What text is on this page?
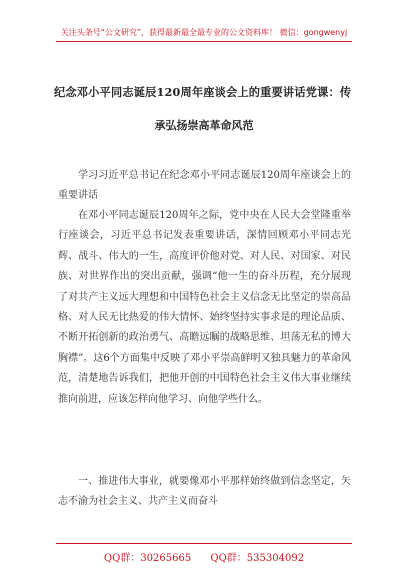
关注头条号“公文研究”，获得最新最全最专业的公文资料库！ 微信：gongwenyj
纪念邓小平同志诞辰120周年座谈会上的重要讲话党课：传
承弘扬崇高革命风范

学习习近平总书记在纪念邓小平同志诞辰120周年座谈会上的重要讲话

在邓小平同志诞辰120周年之际，党中央在人民大会堂隆重举行座谈会，习近平总书记发表重要讲话，深情回顾邓小平同志光辉、战斗、伟大的一生，高度评价他对党、对人民、对国家、对民族、对世界作出的突出贡献，强调“他一生的奋斗历程，充分展现了对共产主义远大理想和中国特色社会主义信念无比坚定的崇高品格、对人民无比热爱的伟大情怀、始终坚持实事求是的理论品质、不断开拓创新的政治勇气、高瞻远瞩的战略思维、坦荡无私的博大胸襟”。这6个方面集中反映了邓小平崇高鲜明又独具魅力的革命风范，清楚地告诉我们，把他开创的中国特色社会主义伟大事业继续推向前进，应该怎样向他学习、向他学些什么。

一、推进伟大事业，就要像邓小平那样始终做到信念坚定，矢志不渝为社会主义、共产主义而奋斗

QQ群：30265665 QQ群：535304092
